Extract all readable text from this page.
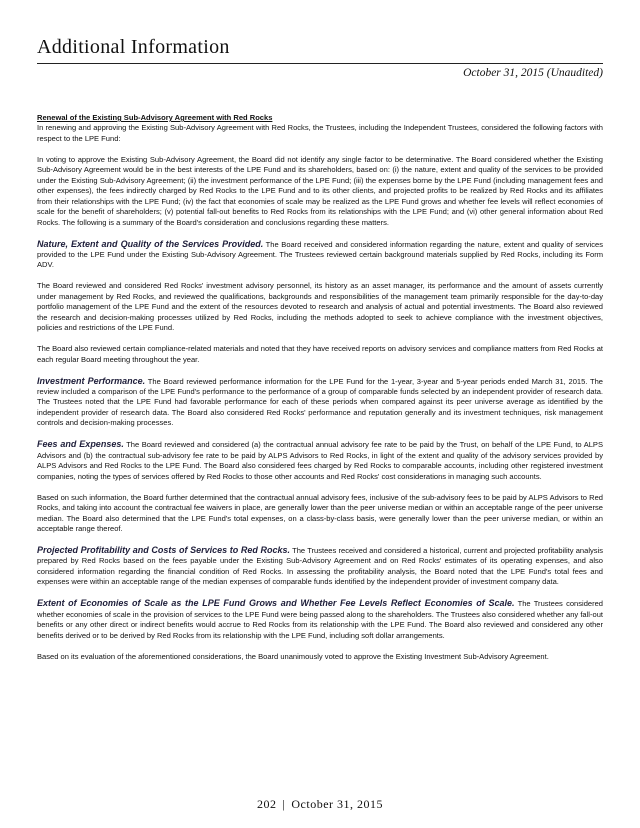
Additional Information
October 31, 2015 (Unaudited)

Renewal of the Existing Sub-Advisory Agreement with Red Rocks
In renewing and approving the Existing Sub-Advisory Agreement with Red Rocks, the Trustees, including the Independent Trustees, considered the following factors with respect to the LPE Fund:

In voting to approve the Existing Sub-Advisory Agreement, the Board did not identify any single factor to be determinative. The Board considered whether the Existing Sub-Advisory Agreement would be in the best interests of the LPE Fund and its shareholders, based on: (i) the nature, extent and quality of the services to be provided under the Existing Sub-Advisory Agreement; (ii) the investment performance of the LPE Fund; (iii) the expenses borne by the LPE Fund (including management fees and other expenses), the fees indirectly charged by Red Rocks to the LPE Fund and to its other clients, and projected profits to be realized by Red Rocks and its affiliates from their relationships with the LPE Fund; (iv) the fact that economies of scale may be realized as the LPE Fund grows and whether fee levels will reflect economies of scale for the benefit of shareholders; (v) potential fall-out benefits to Red Rocks from its relationships with the LPE Fund; and (vi) other general information about Red Rocks. The following is a summary of the Board's consideration and conclusions regarding these matters.

Nature, Extent and Quality of the Services Provided. The Board received and considered information regarding the nature, extent and quality of services provided to the LPE Fund under the Existing Sub-Advisory Agreement. The Trustees reviewed certain background materials supplied by Red Rocks, including its Form ADV.

The Board reviewed and considered Red Rocks' investment advisory personnel, its history as an asset manager, its performance and the amount of assets currently under management by Red Rocks, and reviewed the qualifications, backgrounds and responsibilities of the management team primarily responsible for the day-to-day portfolio management of the LPE Fund and the extent of the resources devoted to research and analysis of actual and potential investments. The Board also reviewed the research and decision-making processes utilized by Red Rocks, including the methods adopted to seek to achieve compliance with the investment objectives, policies and restrictions of the LPE Fund.

The Board also reviewed certain compliance-related materials and noted that they have received reports on advisory services and compliance matters from Red Rocks at each regular Board meeting throughout the year.

Investment Performance. The Board reviewed performance information for the LPE Fund for the 1-year, 3-year and 5-year periods ended March 31, 2015. The review included a comparison of the LPE Fund's performance to the performance of a group of comparable funds selected by an independent provider of research data. The Trustees noted that the LPE Fund had favorable performance for each of these periods when compared against its peer universe average as identified by the independent provider of research data. The Board also considered Red Rocks' performance and reputation generally and its investment techniques, risk management controls and decision-making processes.

Fees and Expenses. The Board reviewed and considered (a) the contractual annual advisory fee rate to be paid by the Trust, on behalf of the LPE Fund, to ALPS Advisors and (b) the contractual sub-advisory fee rate to be paid by ALPS Advisors to Red Rocks, in light of the extent and quality of the advisory services provided by ALPS Advisors and Red Rocks to the LPE Fund. The Board also considered fees charged by Red Rocks to comparable accounts, including other registered investment companies, noting the types of services offered by Red Rocks to those other accounts and Red Rocks' cost considerations in managing such accounts.

Based on such information, the Board further determined that the contractual annual advisory fees, inclusive of the sub-advisory fees to be paid by ALPS Advisors to Red Rocks, and taking into account the contractual fee waivers in place, are generally lower than the peer universe median or within an acceptable range of the peer universe median. The Board also determined that the LPE Fund's total expenses, on a class-by-class basis, were generally lower than the peer universe median, or within an acceptable range thereof.

Projected Profitability and Costs of Services to Red Rocks. The Trustees received and considered a historical, current and projected profitability analysis prepared by Red Rocks based on the fees payable under the Existing Sub-Advisory Agreement and on Red Rocks' estimates of its operating expenses, and also considered information regarding the financial condition of Red Rocks. In assessing the profitability analysis, the Board noted that the LPE Fund's total fees and expenses were within an acceptable range of the median expenses of comparable funds identified by the independent provider of investment company data.

Extent of Economies of Scale as the LPE Fund Grows and Whether Fee Levels Reflect Economies of Scale. The Trustees considered whether economies of scale in the provision of services to the LPE Fund were being passed along to the shareholders. The Trustees also considered whether any fall-out benefits or any other direct or indirect benefits would accrue to Red Rocks from its relationship with the LPE Fund. The Board also reviewed and considered any other benefits derived or to be derived by Red Rocks from its relationship with the LPE Fund, including soft dollar arrangements.

Based on its evaluation of the aforementioned considerations, the Board unanimously voted to approve the Existing Investment Sub-Advisory Agreement.

202 | October 31, 2015
